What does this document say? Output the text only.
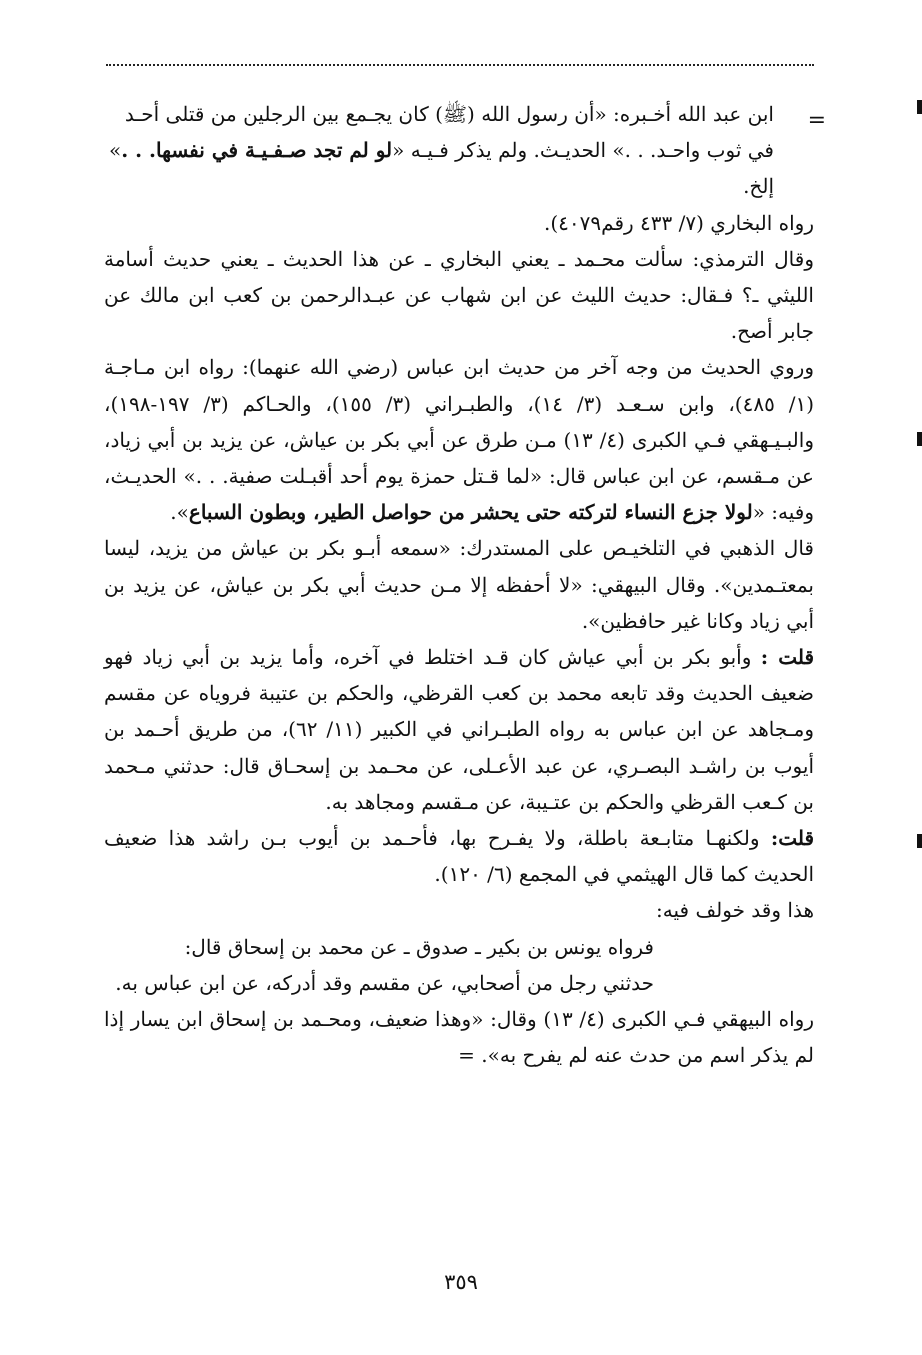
=

ابن عبد الله أخـبره: «أن رسول الله (ﷺ) كان يجـمع بين الرجلين من قتلى أحـد في ثوب واحـد. . .» الحديـث. ولم يذكر فـيـه «لو لم تجد صـفـيـة في نفسها. . .» إلخ.

رواه البخاري (٧/ ٤٣٣ رقم٤٠٧٩).

وقال الترمذي: سألت محـمد ـ يعني البخاري ـ عن هذا الحديث ـ يعني حديث أسامة الليثي ـ؟ فـقال: حديث الليث عن ابن شهاب عن عبـدالرحمن بن كعب ابن مالك عن جابر أصح.

وروي الحديث من وجه آخر من حديث ابن عباس (رضي الله عنهما): رواه ابن مـاجـة (١/ ٤٨٥)، وابن سـعـد (٣/ ١٤)، والطبـراني (٣/ ١٥٥)، والحـاكم (٣/ ١٩٧-١٩٨)، والبـيـهقي فـي الكبرى (٤/ ١٣) مـن طرق عن أبي بكر بن عياش، عن يزيد بن أبي زياد، عن مـقسم، عن ابن عباس قال: «لما قـتل حمزة يوم أحد أقبـلت صفية. . .» الحديـث، وفيه: «لولا جزع النساء لتركته حتى يحشر من حواصل الطير، وبطون السباع».

قال الذهبي في التلخيـص على المستدرك: «سمعه أبـو بكر بن عياش من يزيد، ليسا بمعتـمدين». وقال البيهقي: «لا أحفظه إلا مـن حديث أبي بكر بن عياش، عن يزيد بن أبي زياد وكانا غير حافظين».

قلت : وأبو بكر بن أبي عياش كان قـد اختلط في آخره، وأما يزيد بن أبي زياد فهو ضعيف الحديث وقد تابعه محمد بن كعب القرظي، والحكم بن عتيبة فروياه عن مقسم ومـجاهد عن ابن عباس به رواه الطبـراني في الكبير (١١/ ٦٢)، من طريق أحـمد بن أيوب بن راشـد البصـري، عن عبد الأعـلى، عن محـمد بن إسحـاق قال: حدثني مـحمد بن كـعب القرظي والحكم بن عتـيبة، عن مـقسم ومجاهد به.

قلت: ولكنهـا متابـعة باطلة، ولا يفـرح بها، فأحـمد بن أيوب بـن راشد هذا ضعيف الحديث كما قال الهيثمي في المجمع (٦/ ١٢٠).

هذا وقد خولف فيه:

فرواه يونس بن بكير ـ صدوق ـ عن محمد بن إسحاق قال:

حدثني رجل من أصحابي، عن مقسم وقد أدركه، عن ابن عباس به.

رواه البيهقي فـي الكبرى (٤/ ١٣) وقال: «وهذا ضعيف، ومحـمد بن إسحاق ابن يسار إذا لم يذكر اسم من حدث عنه لم يفرح به». =

٣٥٩
